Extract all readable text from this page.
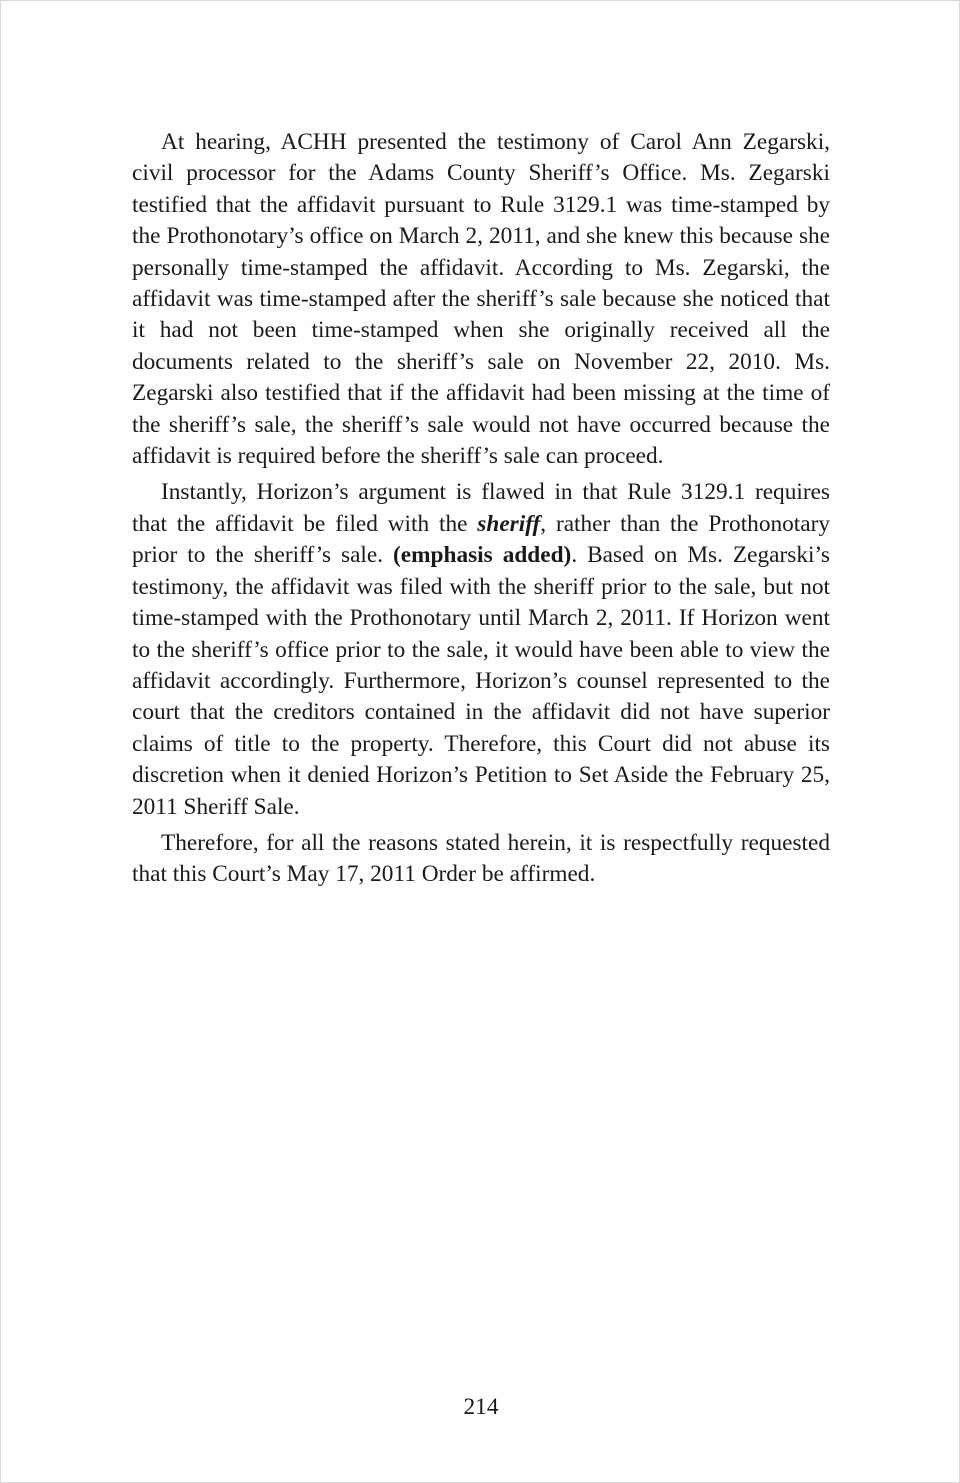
At hearing, ACHH presented the testimony of Carol Ann Zegarski, civil processor for the Adams County Sheriff’s Office. Ms. Zegarski testified that the affidavit pursuant to Rule 3129.1 was time-stamped by the Prothonotary’s office on March 2, 2011, and she knew this because she personally time-stamped the affidavit. According to Ms. Zegarski, the affidavit was time-stamped after the sheriff’s sale because she noticed that it had not been time-stamped when she originally received all the documents related to the sheriff’s sale on November 22, 2010. Ms. Zegarski also testified that if the affidavit had been missing at the time of the sheriff’s sale, the sheriff’s sale would not have occurred because the affidavit is required before the sheriff’s sale can proceed.

Instantly, Horizon’s argument is flawed in that Rule 3129.1 requires that the affidavit be filed with the sheriff, rather than the Prothonotary prior to the sheriff’s sale. (emphasis added). Based on Ms. Zegarski’s testimony, the affidavit was filed with the sheriff prior to the sale, but not time-stamped with the Prothonotary until March 2, 2011. If Horizon went to the sheriff’s office prior to the sale, it would have been able to view the affidavit accordingly. Furthermore, Horizon’s counsel represented to the court that the creditors contained in the affidavit did not have superior claims of title to the property. Therefore, this Court did not abuse its discretion when it denied Horizon’s Petition to Set Aside the February 25, 2011 Sheriff Sale.

Therefore, for all the reasons stated herein, it is respectfully requested that this Court’s May 17, 2011 Order be affirmed.

214
